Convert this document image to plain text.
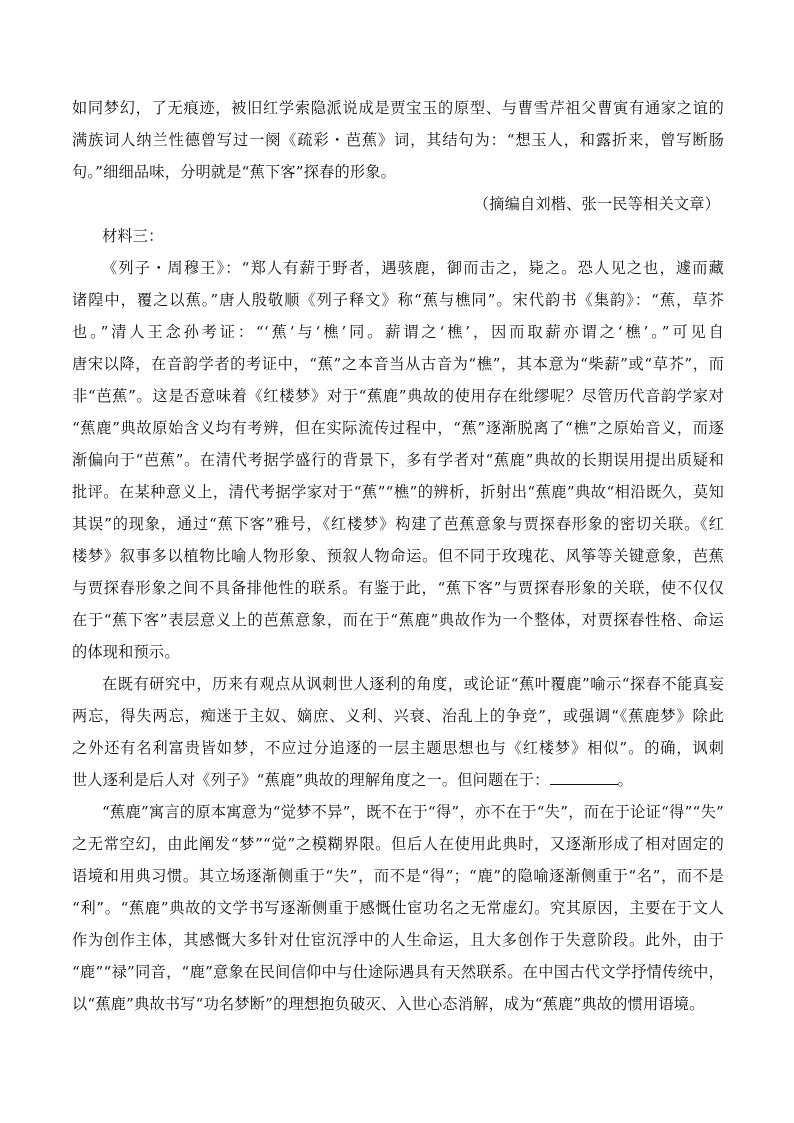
如同梦幻，了无痕迹，被旧红学索隐派说成是贾宝玉的原型、与曹雪芹祖父曹寅有通家之谊的
满族词人纳兰性德曾写过一阕《疏彩・芭蕉》词，其结句为：“想玉人，和露折来，曾写断肠
句。”细细品味，分明就是“蕉下客”探春的形象。
（摘编自刘楷、张一民等相关文章）
材料三：
《列子・周穆王》：“郑人有薪于野者，遇骇鹿，御而击之，毙之。恐人见之也，遽而藏
诸隍中，覆之以蕉。”唐人殷敬顺《列子释文》称“蕉与樵同”。宋代韵书《集韵》：“蕉，草芥
也。”清人王念孙考证：“‘蕉’与‘樵’同。薪谓之‘樵’，因而取薪亦谓之‘樵’。”可见自
唐宋以降，在音韵学者的考证中，“蕉”之本音当从古音为“樵”，其本意为“柴薪”或“草芥”，而
非“芭蕉”。这是否意味着《红楼梦》对于“蕉鹿”典故的使用存在纰缪呢？尽管历代音韵学家对
“蕉鹿”典故原始含义均有考辨，但在实际流传过程中，“蕉”逐渐脱离了“樵”之原始音义，而逐
渐偏向于“芭蕉”。在清代考据学盛行的背景下，多有学者对“蕉鹿”典故的长期误用提出质疑和
批评。在某种意义上，清代考据学家对于“蕉”“樵”的辨析，折射出“蕉鹿”典故“相沿既久，莫知
其误”的现象，通过“蕉下客”雅号，《红楼梦》构建了芭蕉意象与贾探春形象的密切关联。《红
楼梦》叙事多以植物比喻人物形象、预叙人物命运。但不同于玫瑰花、风筝等关键意象，芭蕉
与贾探春形象之间不具备排他性的联系。有鉴于此，“蕉下客”与贾探春形象的关联，使不仅仅
在于“蕉下客”表层意义上的芭蕉意象，而在于“蕉鹿”典故作为一个整体，对贾探春性格、命运
的体现和预示。
在既有研究中，历来有观点从讽刺世人逐利的角度，或论证“蕉叶覆鹿”喻示“探春不能真妄
两忘，得失两忘，痴迷于主奴、嫡庶、义利、兴衰、治乱上的争竞”，或强调“《蕉鹿梦》除此
之外还有名利富贵皆如梦，不应过分追逐的一层主题思想也与《红楼梦》相似”。的确，讽刺
世人逐利是后人对《列子》“蕉鹿”典故的理解角度之一。但问题在于：	。
“蕉鹿”寓言的原本寓意为“觉梦不异”，既不在于“得”，亦不在于“失”，而在于论证“得”“失”
之无常空幻，由此阐发“梦”“觉”之模糊界限。但后人在使用此典时，又逐渐形成了相对固定的
语境和用典习惯。其立场逐渐侧重于“失”，而不是“得”；“鹿”的隐喻逐渐侧重于“名”，而不是
“利”。“蕉鹿”典故的文学书写逐渐侧重于感慨仕宦功名之无常虚幻。究其原因，主要在于文人
作为创作主体，其感慨大多针对仕宦沉浮中的人生命运，且大多创作于失意阶段。此外，由于
“鹿”“禄”同音，“鹿”意象在民间信仰中与仕途际遇具有天然联系。在中国古代文学抒情传统中，
以“蕉鹿”典故书写“功名梦断”的理想抱负破灭、入世心态消解，成为“蕉鹿”典故的惯用语境。
